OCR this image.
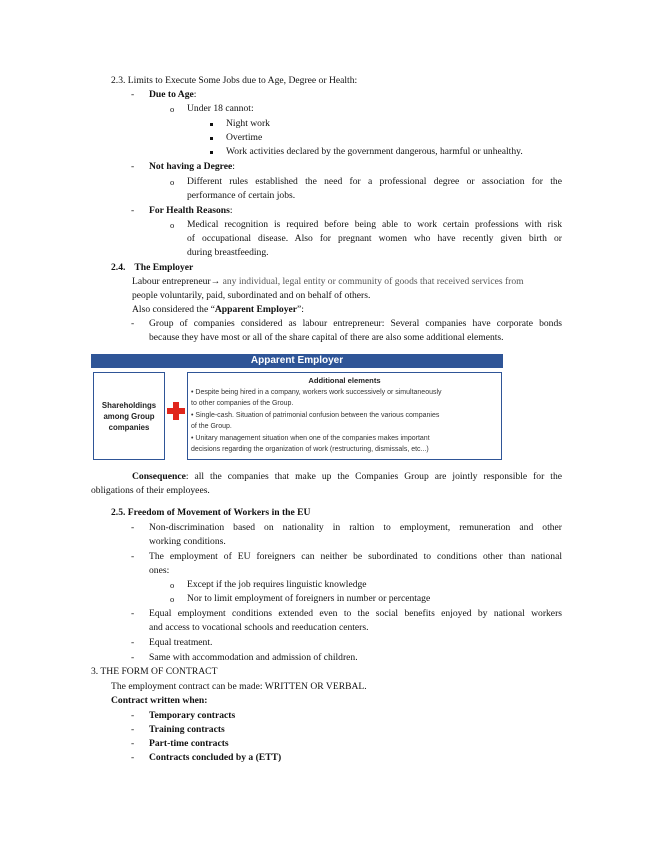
2.3. Limits to Execute Some Jobs due to Age, Degree or Health:
- Due to Age:
o Under 18 cannot:
Night work
Overtime
Work activities declared by the government dangerous, harmful or unhealthy.
- Not having a Degree:
o Different rules established the need for a professional degree or association for the
performance of certain jobs.
- For Health Reasons:
o Medical recognition is required before being able to work certain professions with risk
of occupational disease. Also for pregnant women who have recently given birth or
during breastfeeding.
2.4. The Employer
Labour entrepreneur→ any individual, legal entity or community of goods that received services from
people voluntarily, paid, subordinated and on behalf of others.
Also considered the “Apparent Employer”:
- Group of companies considered as labour entrepreneur: Several companies have corporate bonds
because they have most or all of the share capital of there are also some additional elements.
Apparent Employer
Shareholdings among Group companies
Additional elements
• Despite being hired in a company, workers work successively or simultaneously
to other companies of the Group.
• Single-cash. Situation of patrimonial confusion between the various companies
of the Group.
• Unitary management situation when one of the companies makes important
decisions regarding the organization of work (restructuring, dismissals, etc...)
Consequence: all the companies that make up the Companies Group are jointly responsible for the
obligations of their employees.
2.5. Freedom of Movement of Workers in the EU
- Non-discrimination based on nationality in raltion to employment, remuneration and other
working conditions.
- The employment of EU foreigners can neither be subordinated to conditions other than national
ones:
o Except if the job requires linguistic knowledge
o Nor to limit employment of foreigners in number or percentage
- Equal employment conditions extended even to the social benefits enjoyed by national workers
and access to vocational schools and reeducation centers.
- Equal treatment.
- Same with accommodation and admission of children.
3. THE FORM OF CONTRACT
The employment contract can be made: WRITTEN OR VERBAL.
Contract written when:
- Temporary contracts
- Training contracts
- Part-time contracts
- Contracts concluded by a (ETT)
